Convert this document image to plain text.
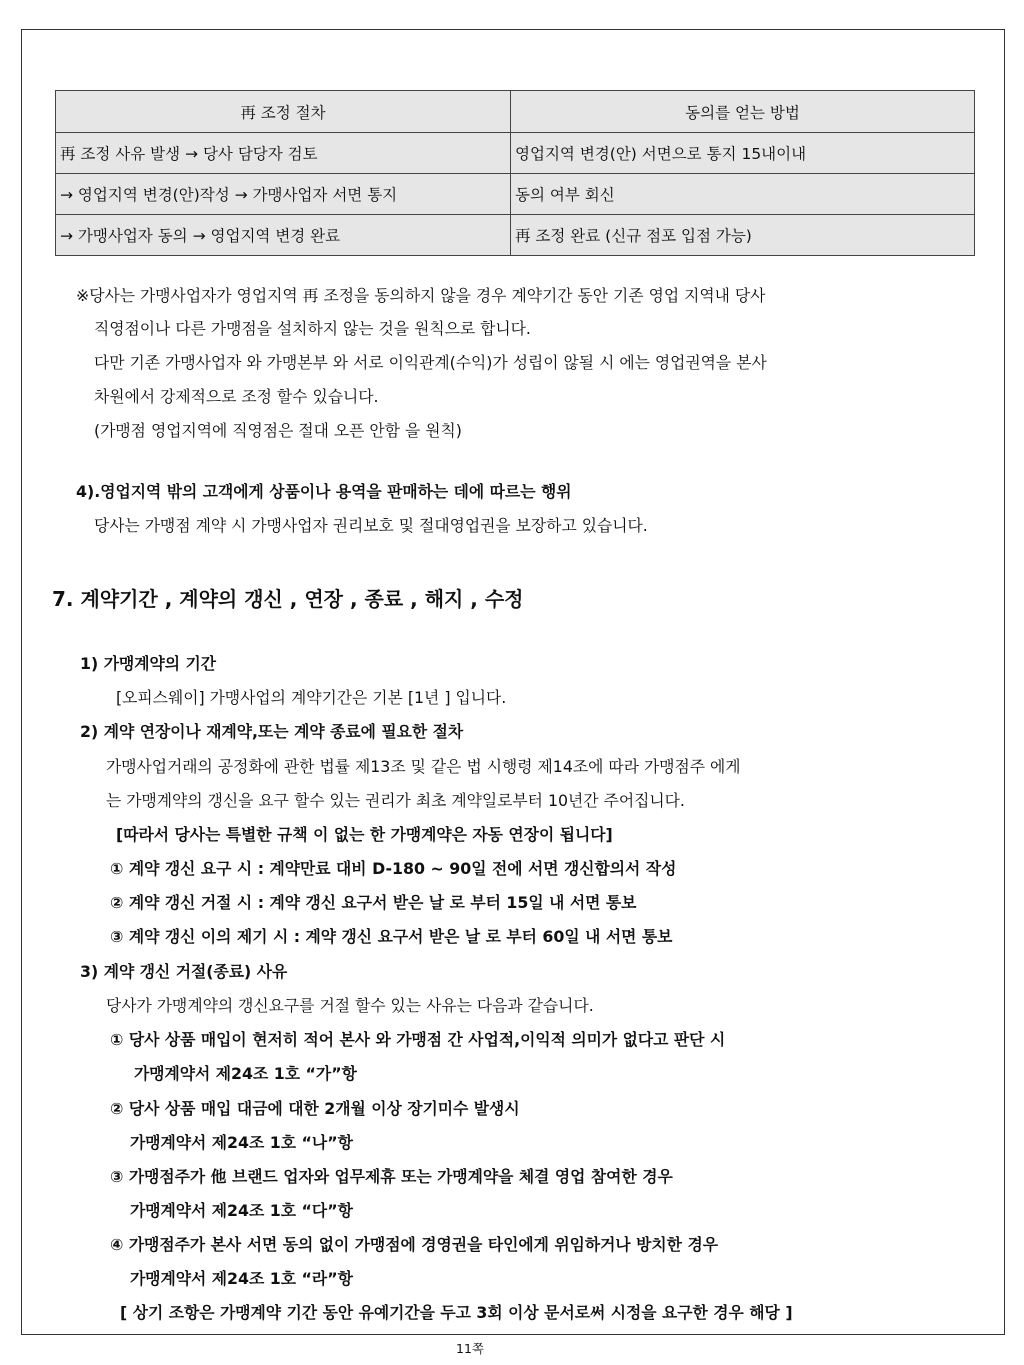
再 조정 절차	동의를 얻는 방법
再 조정 사유 발생 → 당사 담당자 검토	영업지역 변경(안) 서면으로 통지 15내이내
→ 영업지역 변경(안)작성 → 가맹사업자 서면 통지	동의 여부 회신
→ 가맹사업자 동의 → 영업지역 변경 완료	再 조정 완료 (신규 점포 입점 가능)
※당사는 가맹사업자가 영업지역 再 조정을 동의하지 않을 경우 계약기간 동안 기존 영업 지역내 당사
직영점이나 다른 가맹점을 설치하지 않는 것을 원칙으로 합니다.
다만 기존 가맹사업자 와 가맹본부 와 서로 이익관계(수익)가 성립이 않될 시 에는 영업권역을 본사
차원에서 강제적으로 조정 할수 있습니다.
(가맹점 영업지역에 직영점은 절대 오픈 안함 을 원칙)
4).영업지역 밖의 고객에게 상품이나 용역을 판매하는 데에 따르는 행위
당사는 가맹점 계약 시 가맹사업자 권리보호 및 절대영업권을 보장하고 있습니다.
7. 계약기간 , 계약의 갱신 , 연장 , 종료 , 해지 , 수정
1) 가맹계약의 기간
[오피스웨이] 가맹사업의 계약기간은 기본 [1년 ] 입니다.
2) 계약 연장이나 재계약,또는 계약 종료에 필요한 절차
가맹사업거래의 공정화에 관한 법률 제13조 및 같은 법 시행령 제14조에 따라 가맹점주 에게
는 가맹계약의 갱신을 요구 할수 있는 권리가 최초 계약일로부터 10년간 주어집니다.
[따라서 당사는 특별한 규책 이 없는 한 가맹계약은 자동 연장이 됩니다]
① 계약 갱신 요구 시 : 계약만료 대비 D-180 ~ 90일 전에 서면 갱신합의서 작성
② 계약 갱신 거절 시 : 계약 갱신 요구서 받은 날 로 부터 15일 내 서면 통보
③ 계약 갱신 이의 제기 시 : 계약 갱신 요구서 받은 날 로 부터 60일 내 서면 통보
3) 계약 갱신 거절(종료) 사유
당사가 가맹계약의 갱신요구를 거절 할수 있는 사유는 다음과 같습니다.
① 당사 상품 매입이 현저히 적어 본사 와 가맹점 간 사업적,이익적 의미가 없다고 판단 시
가맹계약서 제24조 1호 “가”항
② 당사 상품 매입 대금에 대한 2개월 이상 장기미수 발생시
가맹계약서 제24조 1호 “나”항
③ 가맹점주가 他 브랜드 업자와 업무제휴 또는 가맹계약을 체결 영업 참여한 경우
가맹계약서 제24조 1호 “다”항
④ 가맹점주가 본사 서면 동의 없이 가맹점에 경영권을 타인에게 위임하거나 방치한 경우
가맹계약서 제24조 1호 “라”항
[ 상기 조항은 가맹계약 기간 동안 유예기간을 두고 3회 이상 문서로써 시정을 요구한 경우 해당 ]
11쪽
